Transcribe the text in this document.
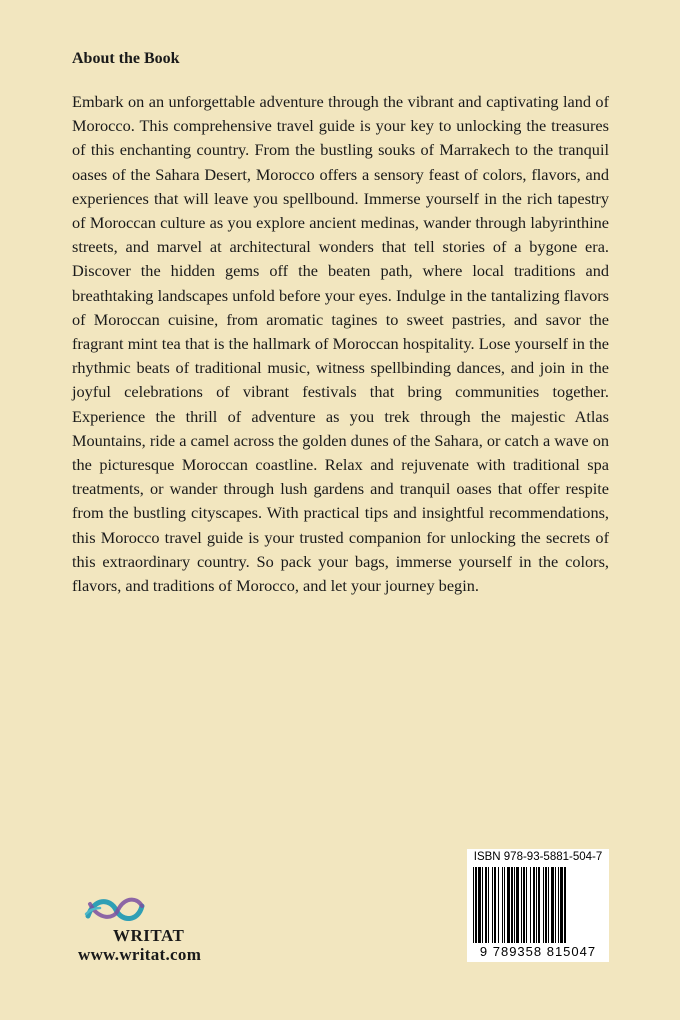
About the Book

Embark on an unforgettable adventure through the vibrant and captivating land of Morocco. This comprehensive travel guide is your key to unlocking the treasures of this enchanting country. From the bustling souks of Marrakech to the tranquil oases of the Sahara Desert, Morocco offers a sensory feast of colors, flavors, and experiences that will leave you spellbound. Immerse yourself in the rich tapestry of Moroccan culture as you explore ancient medinas, wander through labyrinthine streets, and marvel at architectural wonders that tell stories of a bygone era. Discover the hidden gems off the beaten path, where local traditions and breathtaking landscapes unfold before your eyes. Indulge in the tantalizing flavors of Moroccan cuisine, from aromatic tagines to sweet pastries, and savor the fragrant mint tea that is the hallmark of Moroccan hospitality. Lose yourself in the rhythmic beats of traditional music, witness spellbinding dances, and join in the joyful celebrations of vibrant festivals that bring communities together. Experience the thrill of adventure as you trek through the majestic Atlas Mountains, ride a camel across the golden dunes of the Sahara, or catch a wave on the picturesque Moroccan coastline. Relax and rejuvenate with traditional spa treatments, or wander through lush gardens and tranquil oases that offer respite from the bustling cityscapes. With practical tips and insightful recommendations, this Morocco travel guide is your trusted companion for unlocking the secrets of this extraordinary country. So pack your bags, immerse yourself in the colors, flavors, and traditions of Morocco, and let your journey begin.

WRITAT
www.writat.com
ISBN 978-93-5881-504-7
9 789358 815047
